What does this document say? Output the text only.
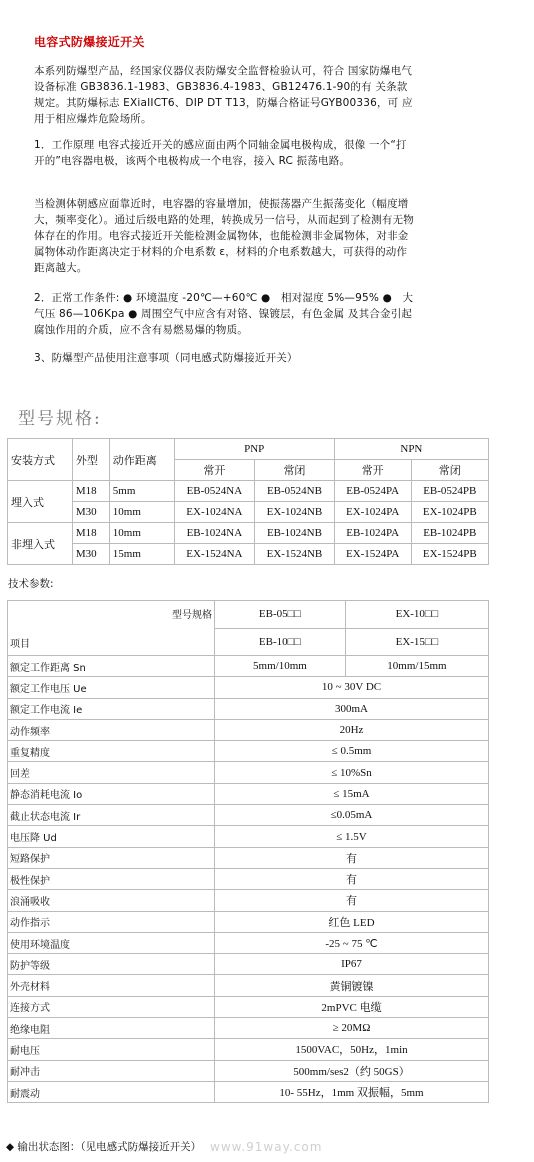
电容式防爆接近开关
本系列防爆型产品，经国家仪器仪表防爆安全监督检验认可，符合 国家防爆电气设备标准 GB3836.1-1983、GB3836.4-1983、GB12476.1-90的有 关条款规定。其防爆标志 EXiaIICT6、DIP DT T13，防爆合格证号GYB00336，可 应用于相应爆炸危险场所。
1．工作原理 电容式接近开关的感应面由两个同轴金属电极构成，很像 一个“打开的”电容器电极，该两个电极构成一个电容，接入 RC 振荡电路。
当检测体朝感应面靠近时，电容器的容量增加，使振荡器产生振荡变化（幅度增大，频率变化）。通过后级电路的处理，转换成另一信号，从而起到了检测有无物体存在的作用。电容式接近开关能检测金属物体，也能检测非金属物体，对非金属物体动作距离决定于材料的介电系数 ε，材料的介电系数越大，可获得的动作距离越大。
2．正常工作条件: ● 环境温度 -20℃—+60℃ ●   相对湿度 5%—95% ●   大气压 86—106Kpa ● 周围空气中应含有对铬、镍镀层，有色金属 及其合金引起腐蚀作用的介质，应不含有易燃易爆的物质。
3、防爆型产品使用注意事项（同电感式防爆接近开关）
型号规格:
安装方式	外型	动作距离	PNP		NPN	
			常开	常闭	常开	常闭
埋入式	M18	5mm	EB-0524NA	EB-0524NB	EB-0524PA	EB-0524PB
	M30	10mm	EX-1024NA	EX-1024NB	EX-1024PA	EX-1024PB
非埋入式	M18	10mm	EB-1024NA	EB-1024NB	EB-1024PA	EB-1024PB
	M30	15mm	EX-1524NA	EX-1524NB	EX-1524PA	EX-1524PB
技术参数:
型号规格
项目	EB-05□□	EX-10□□
	EB-10□□	EX-15□□
额定工作距离 Sn	5mm/10mm	10mm/15mm
额定工作电压 Ue	10 ~ 30V DC	
额定工作电流 Ie	300mA	
动作频率	20Hz	
重复精度	≤ 0.5mm	
回差	≤ 10%Sn	
静态消耗电流 Io	≤ 15mA	
截止状态电流 Ir	≤0.05mA	
电压降 Ud	≤ 1.5V	
短路保护	有	
极性保护	有	
浪涌吸收	有	
动作指示	红色 LED	
使用环境温度	-25 ~ 75 ℃	
防护等级	IP67	
外壳材料	黄铜镀镍	
连接方式	2mPVC 电缆	
绝缘电阻	≥ 20MΩ	
耐电压	1500VAC，50Hz，1min	
耐冲击	500mm/ses2（约 50GS）	
耐震动	10- 55Hz，1mm 双振幅，5mm	
◆ 输出状态图：（见电感式防爆接近开关） www.91way.com
